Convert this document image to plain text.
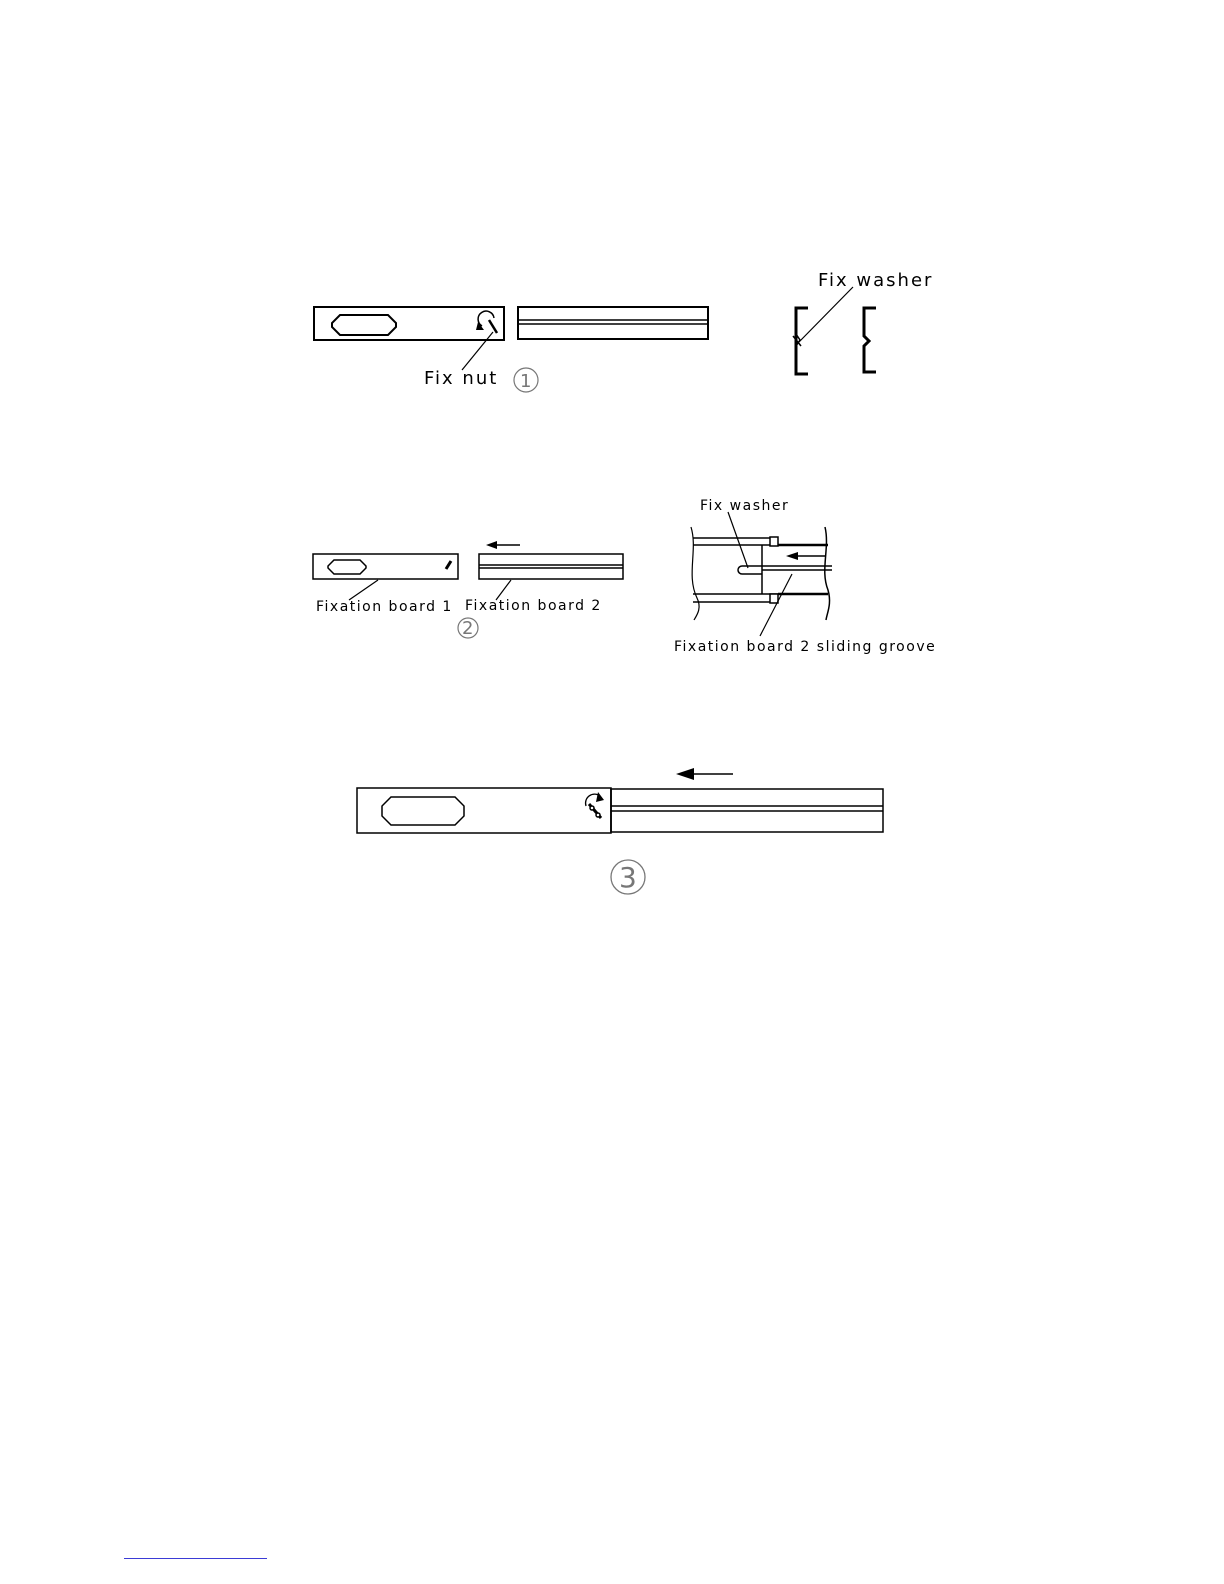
Fix nut
Fix washer
1
Fixation board 1 Fixation board 2
2
Fix washer
Fixation board 2 sliding groove
3
